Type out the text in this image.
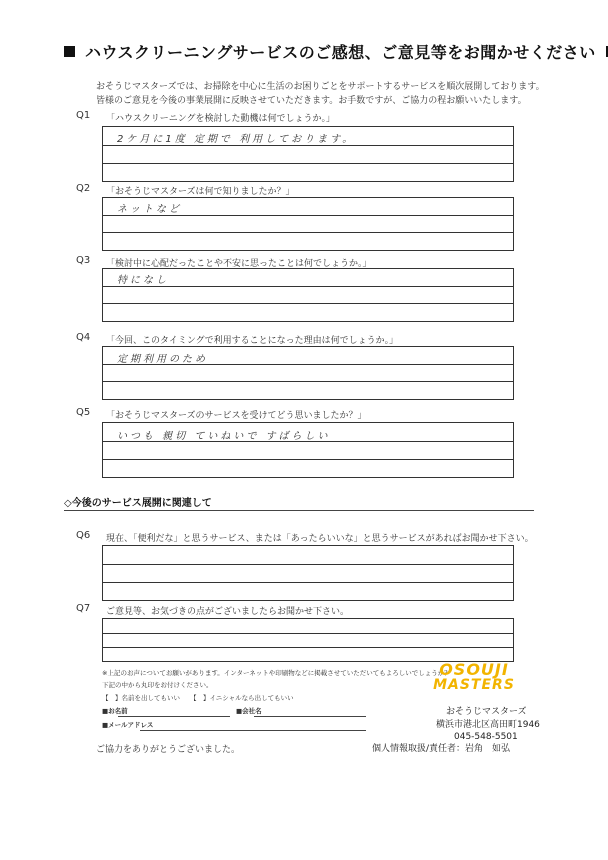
ハウスクリーニングサービスのご感想、ご意見等をお聞かせください
おそうじマスターズでは、お掃除を中心に生活のお困りごとをサポートするサービスを順次展開しております。
皆様のご意見を今後の事業展開に反映させていただきます。お手数ですが、ご協力の程お願いいたします。
Q1 「ハウスクリーニングを検討した動機は何でしょうか。」
2ケ月に1度 定期で 利用しております。
Q2 「おそうじマスターズは何で知りましたか？」
ネットなど
Q3 「検討中に心配だったことや不安に思ったことは何でしょうか。」
特になし
Q4 「今回、このタイミングで利用することになった理由は何でしょうか。」
定期利用のため
Q5 「おそうじマスターズのサービスを受けてどう思いましたか？」
いつも 親切 ていねいで すばらしい
◇今後のサービス展開に関連して
Q6 現在、「便利だな」と思うサービス、または「あったらいいな」と思うサービスがあればお聞かせ下さい。
Q7 ご意見等、お気づきの点がございましたらお聞かせ下さい。
※上記のお声についてお願いがあります。インターネットや印刷物などに掲載させていただいてもよろしいでしょうか？
下記の中から丸印をお付けください。
【　】名前を出してもいい 【　】イニシャルなら出してもいい
■お名前	■会社名
■メールアドレス
ご協力をありがとうございました。
OSOUJI
MASTERS
おそうじマスターズ
横浜市港北区高田町1946
045-548-5501
個人情報取扱/責任者：岩角　如弘
